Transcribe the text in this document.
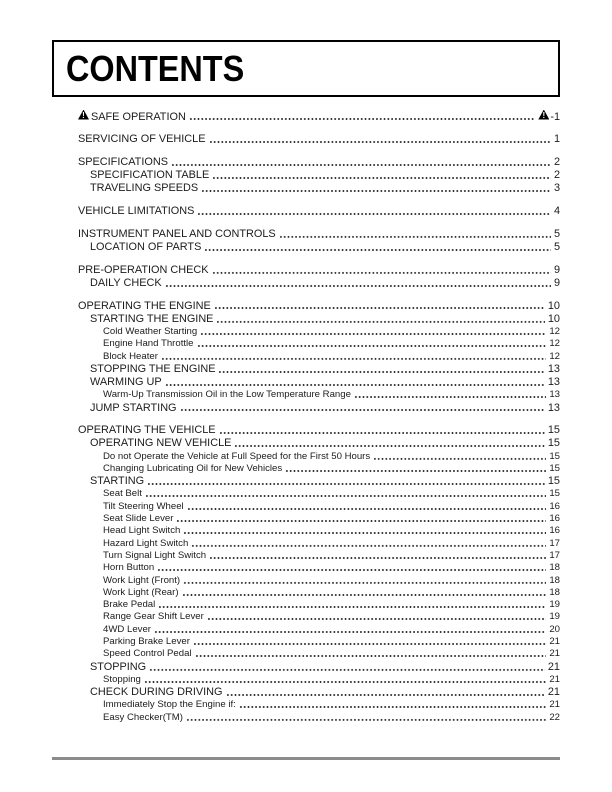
CONTENTS
!SAFE OPERATION !	-1
SERVICING OF VEHICLE	1
SPECIFICATIONS	2
SPECIFICATION TABLE	2
TRAVELING SPEEDS	3
VEHICLE LIMITATIONS	4
INSTRUMENT PANEL AND CONTROLS	5
LOCATION OF PARTS	5
PRE-OPERATION CHECK	9
DAILY CHECK	9
OPERATING THE ENGINE	10
STARTING THE ENGINE	10
Cold Weather Starting	12
Engine Hand Throttle	12
Block Heater	12
STOPPING THE ENGINE	13
WARMING UP	13
Warm-Up Transmission Oil in the Low Temperature Range	13
JUMP STARTING	13
OPERATING THE VEHICLE	15
OPERATING NEW VEHICLE	15
Do not Operate the Vehicle at Full Speed for the First 50 Hours	15
Changing Lubricating Oil for New Vehicles	15
STARTING	15
Seat Belt	15
Tilt Steering Wheel	16
Seat Slide Lever	16
Head Light Switch	16
Hazard Light Switch	17
Turn Signal Light Switch	17
Horn Button	18
Work Light (Front)	18
Work Light (Rear)	18
Brake Pedal	19
Range Gear Shift Lever	19
4WD Lever	20
Parking Brake Lever	21
Speed Control Pedal	21
STOPPING	21
Stopping	21
CHECK DURING DRIVING	21
Immediately Stop the Engine if:	21
Easy Checker(TM)	22
